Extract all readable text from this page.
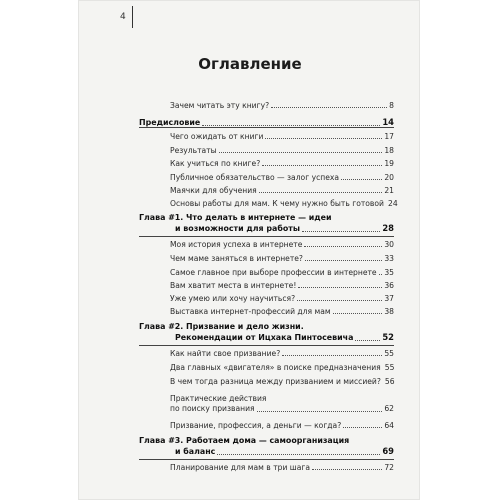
4
Оглавление
Зачем читать эту книгу?	8
Предисловие	14
Чего ожидать от книги	17
Результаты	18
Как учиться по книге?	19
Публичное обязательство — залог успеха	20
Маячки для обучения	21
Основы работы для мам. К чему нужно быть готовой 24
Глава #1. Что делать в интернете — идеи
и возможности для работы	28
Моя история успеха в интернете	30
Чем маме заняться в интернете?	33
Самое главное при выборе профессии в интернете 35
Вам хватит места в интернете!	36
Уже умею или хочу научиться?	37
Выставка интернет-профессий для мам	38
Глава #2. Призвание и дело жизни.
Рекомендации от Ицхака Пинтосевича	52
Как найти свое призвание?	55
Два главных «двигателя» в поиске предназначения 55
В чем тогда разница между призванием и миссией? 56
Практические действия
по поиску призвания	62
Призвание, профессия, а деньги — когда?	64
Глава #3. Работаем дома — самоорганизация
и баланс	69
Планирование для мам в три шага	72
